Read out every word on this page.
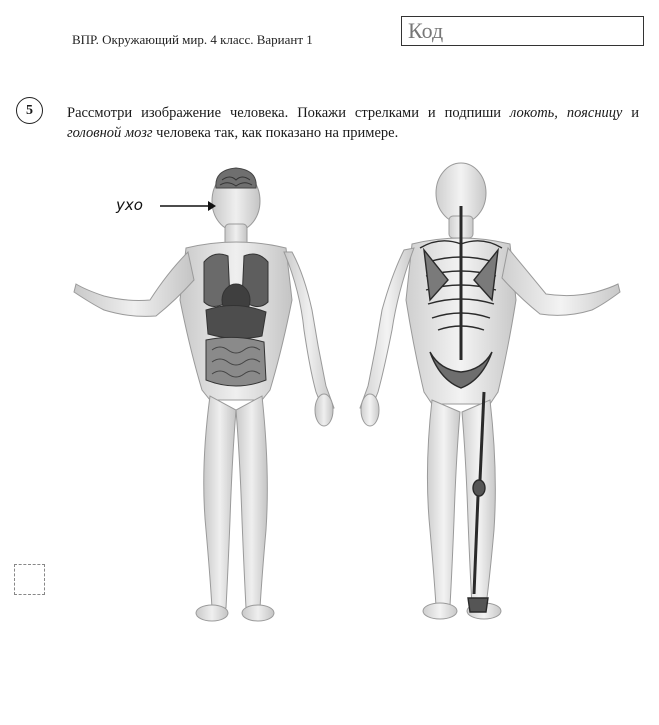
ВПР. Окружающий мир. 4 класс. Вариант 1	Код
5	Рассмотри изображение человека. Покажи стрелками и подпиши локоть, поясницу и головной мозг человека так, как показано на примере.
ухо
